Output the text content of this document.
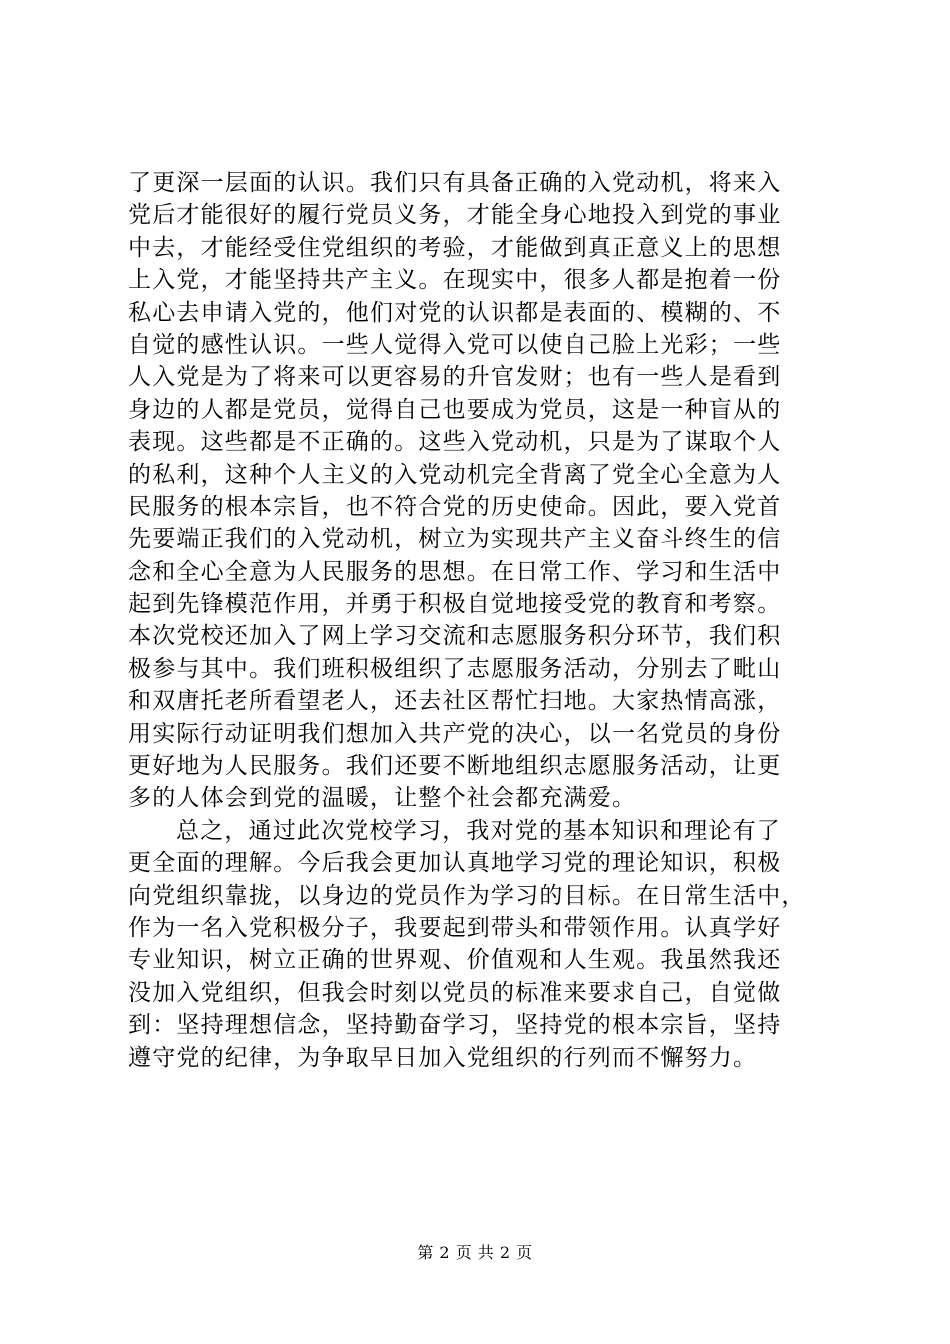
了更深一层面的认识。我们只有具备正确的入党动机，将来入
党后才能很好的履行党员义务，才能全身心地投入到党的事业
中去，才能经受住党组织的考验，才能做到真正意义上的思想
上入党，才能坚持共产主义。在现实中，很多人都是抱着一份
私心去申请入党的，他们对党的认识都是表面的、模糊的、不
自觉的感性认识。一些人觉得入党可以使自己脸上光彩；一些
人入党是为了将来可以更容易的升官发财；也有一些人是看到
身边的人都是党员，觉得自己也要成为党员，这是一种盲从的
表现。这些都是不正确的。这些入党动机，只是为了谋取个人
的私利，这种个人主义的入党动机完全背离了党全心全意为人
民服务的根本宗旨，也不符合党的历史使命。因此，要入党首
先要端正我们的入党动机，树立为实现共产主义奋斗终生的信
念和全心全意为人民服务的思想。在日常工作、学习和生活中
起到先锋模范作用，并勇于积极自觉地接受党的教育和考察。
本次党校还加入了网上学习交流和志愿服务积分环节，我们积
极参与其中。我们班积极组织了志愿服务活动，分别去了毗山
和双唐托老所看望老人，还去社区帮忙扫地。大家热情高涨，
用实际行动证明我们想加入共产党的决心，以一名党员的身份
更好地为人民服务。我们还要不断地组织志愿服务活动，让更
多的人体会到党的温暖，让整个社会都充满爱。
总之，通过此次党校学习，我对党的基本知识和理论有了
更全面的理解。今后我会更加认真地学习党的理论知识，积极
向党组织靠拢，以身边的党员作为学习的目标。在日常生活中，
作为一名入党积极分子，我要起到带头和带领作用。认真学好
专业知识，树立正确的世界观、价值观和人生观。我虽然我还
没加入党组织，但我会时刻以党员的标准来要求自己，自觉做
到：坚持理想信念，坚持勤奋学习，坚持党的根本宗旨，坚持
遵守党的纪律，为争取早日加入党组织的行列而不懈努力。
第 2 页 共 2 页
